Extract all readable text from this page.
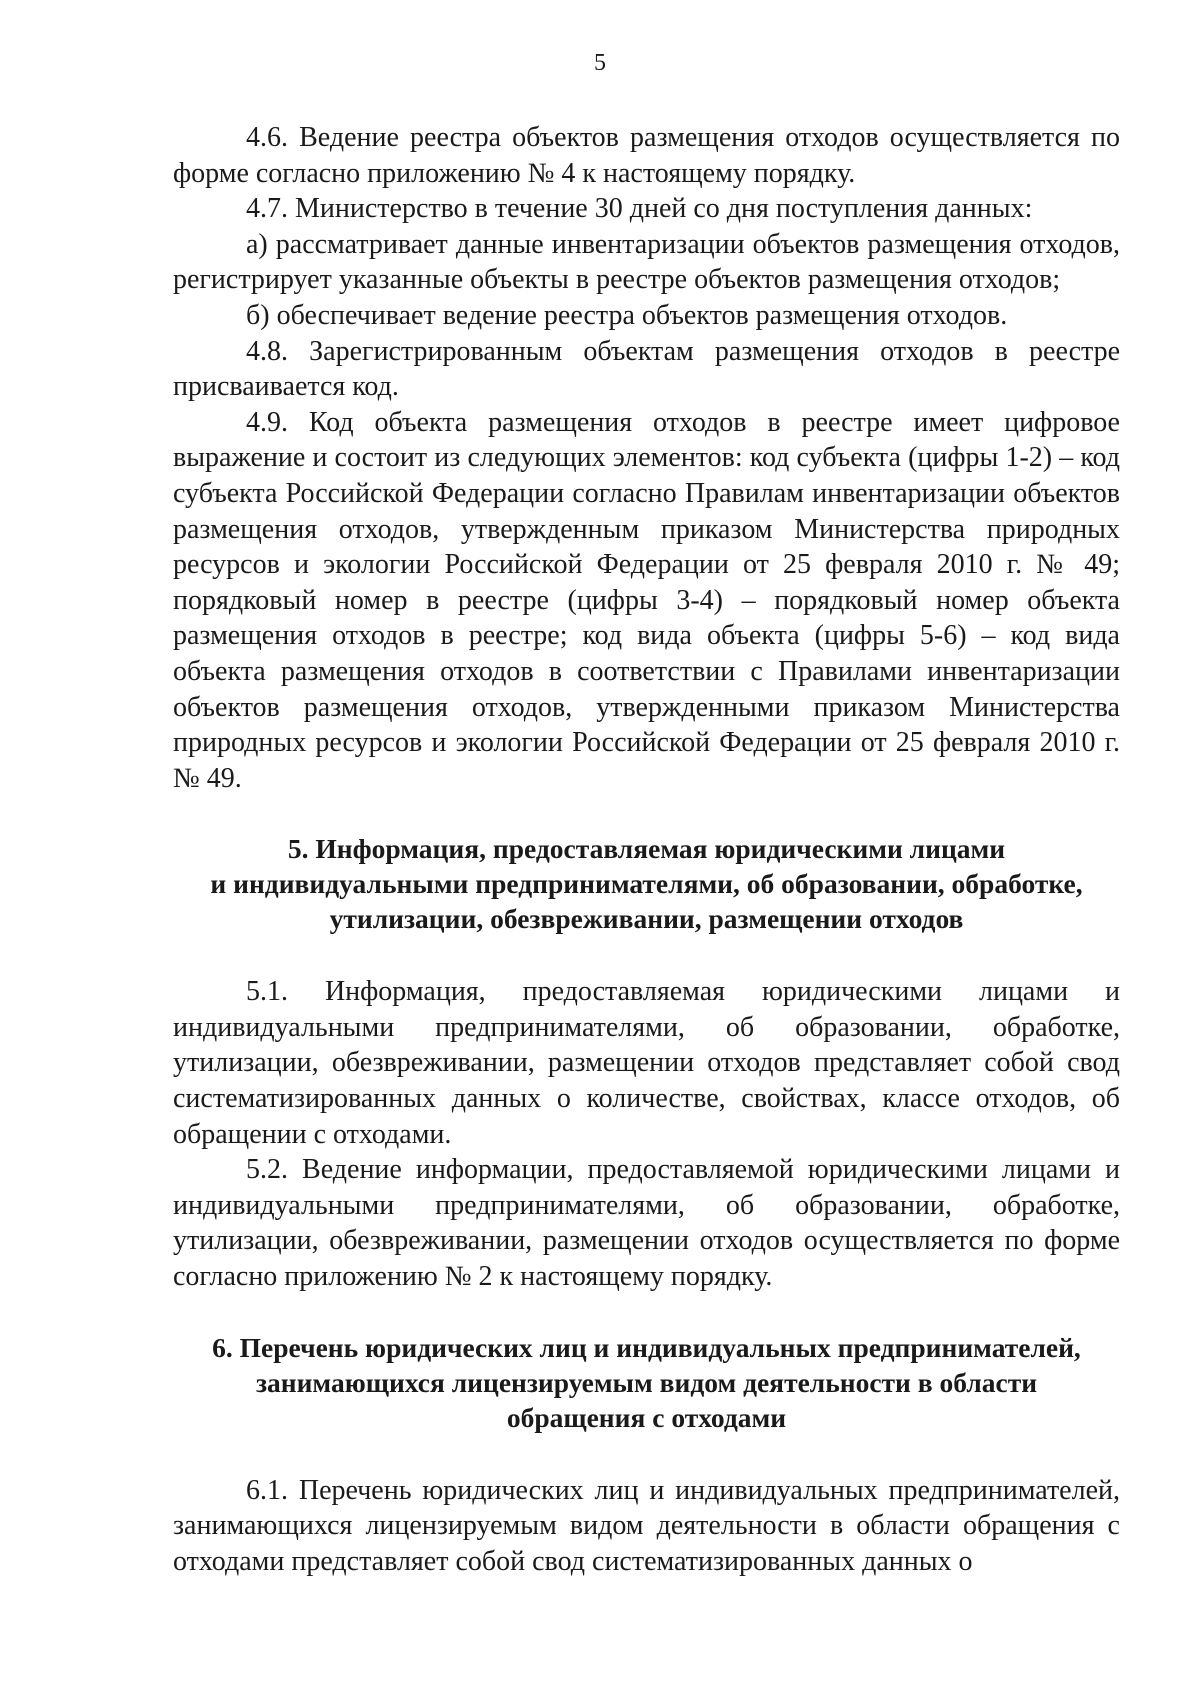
5

4.6. Ведение реестра объектов размещения отходов осуществляется по форме согласно приложению № 4 к настоящему порядку.

4.7. Министерство в течение 30 дней со дня поступления данных:

а) рассматривает данные инвентаризации объектов размещения отходов, регистрирует указанные объекты в реестре объектов размещения отходов;

б) обеспечивает ведение реестра объектов размещения отходов.

4.8. Зарегистрированным объектам размещения отходов в реестре присваивается код.

4.9. Код объекта размещения отходов в реестре имеет цифровое выражение и состоит из следующих элементов: код субъекта (цифры 1-2) – код субъекта Российской Федерации согласно Правилам инвентаризации объектов размещения отходов, утвержденным приказом Министерства природных ресурсов и экологии Российской Федерации от 25 февраля 2010 г. № 49; порядковый номер в реестре (цифры 3-4) – порядковый номер объекта размещения отходов в реестре; код вида объекта (цифры 5-6) – код вида объекта размещения отходов в соответствии с Правилами инвентаризации объектов размещения отходов, утвержденными приказом Министерства природных ресурсов и экологии Российской Федерации от 25 февраля 2010 г. № 49.

5. Информация, предоставляемая юридическими лицами
и индивидуальными предпринимателями, об образовании, обработке,
утилизации, обезвреживании, размещении отходов

5.1. Информация, предоставляемая юридическими лицами и индивидуальными предпринимателями, об образовании, обработке, утилизации, обезвреживании, размещении отходов представляет собой свод систематизированных данных о количестве, свойствах, классе отходов, об обращении с отходами.

5.2. Ведение информации, предоставляемой юридическими лицами и индивидуальными предпринимателями, об образовании, обработке, утилизации, обезвреживании, размещении отходов осуществляется по форме согласно приложению № 2 к настоящему порядку.

6. Перечень юридических лиц и индивидуальных предпринимателей,
занимающихся лицензируемым видом деятельности в области
обращения с отходами

6.1. Перечень юридических лиц и индивидуальных предпринимателей, занимающихся лицензируемым видом деятельности в области обращения с отходами представляет собой свод систематизированных данных о
